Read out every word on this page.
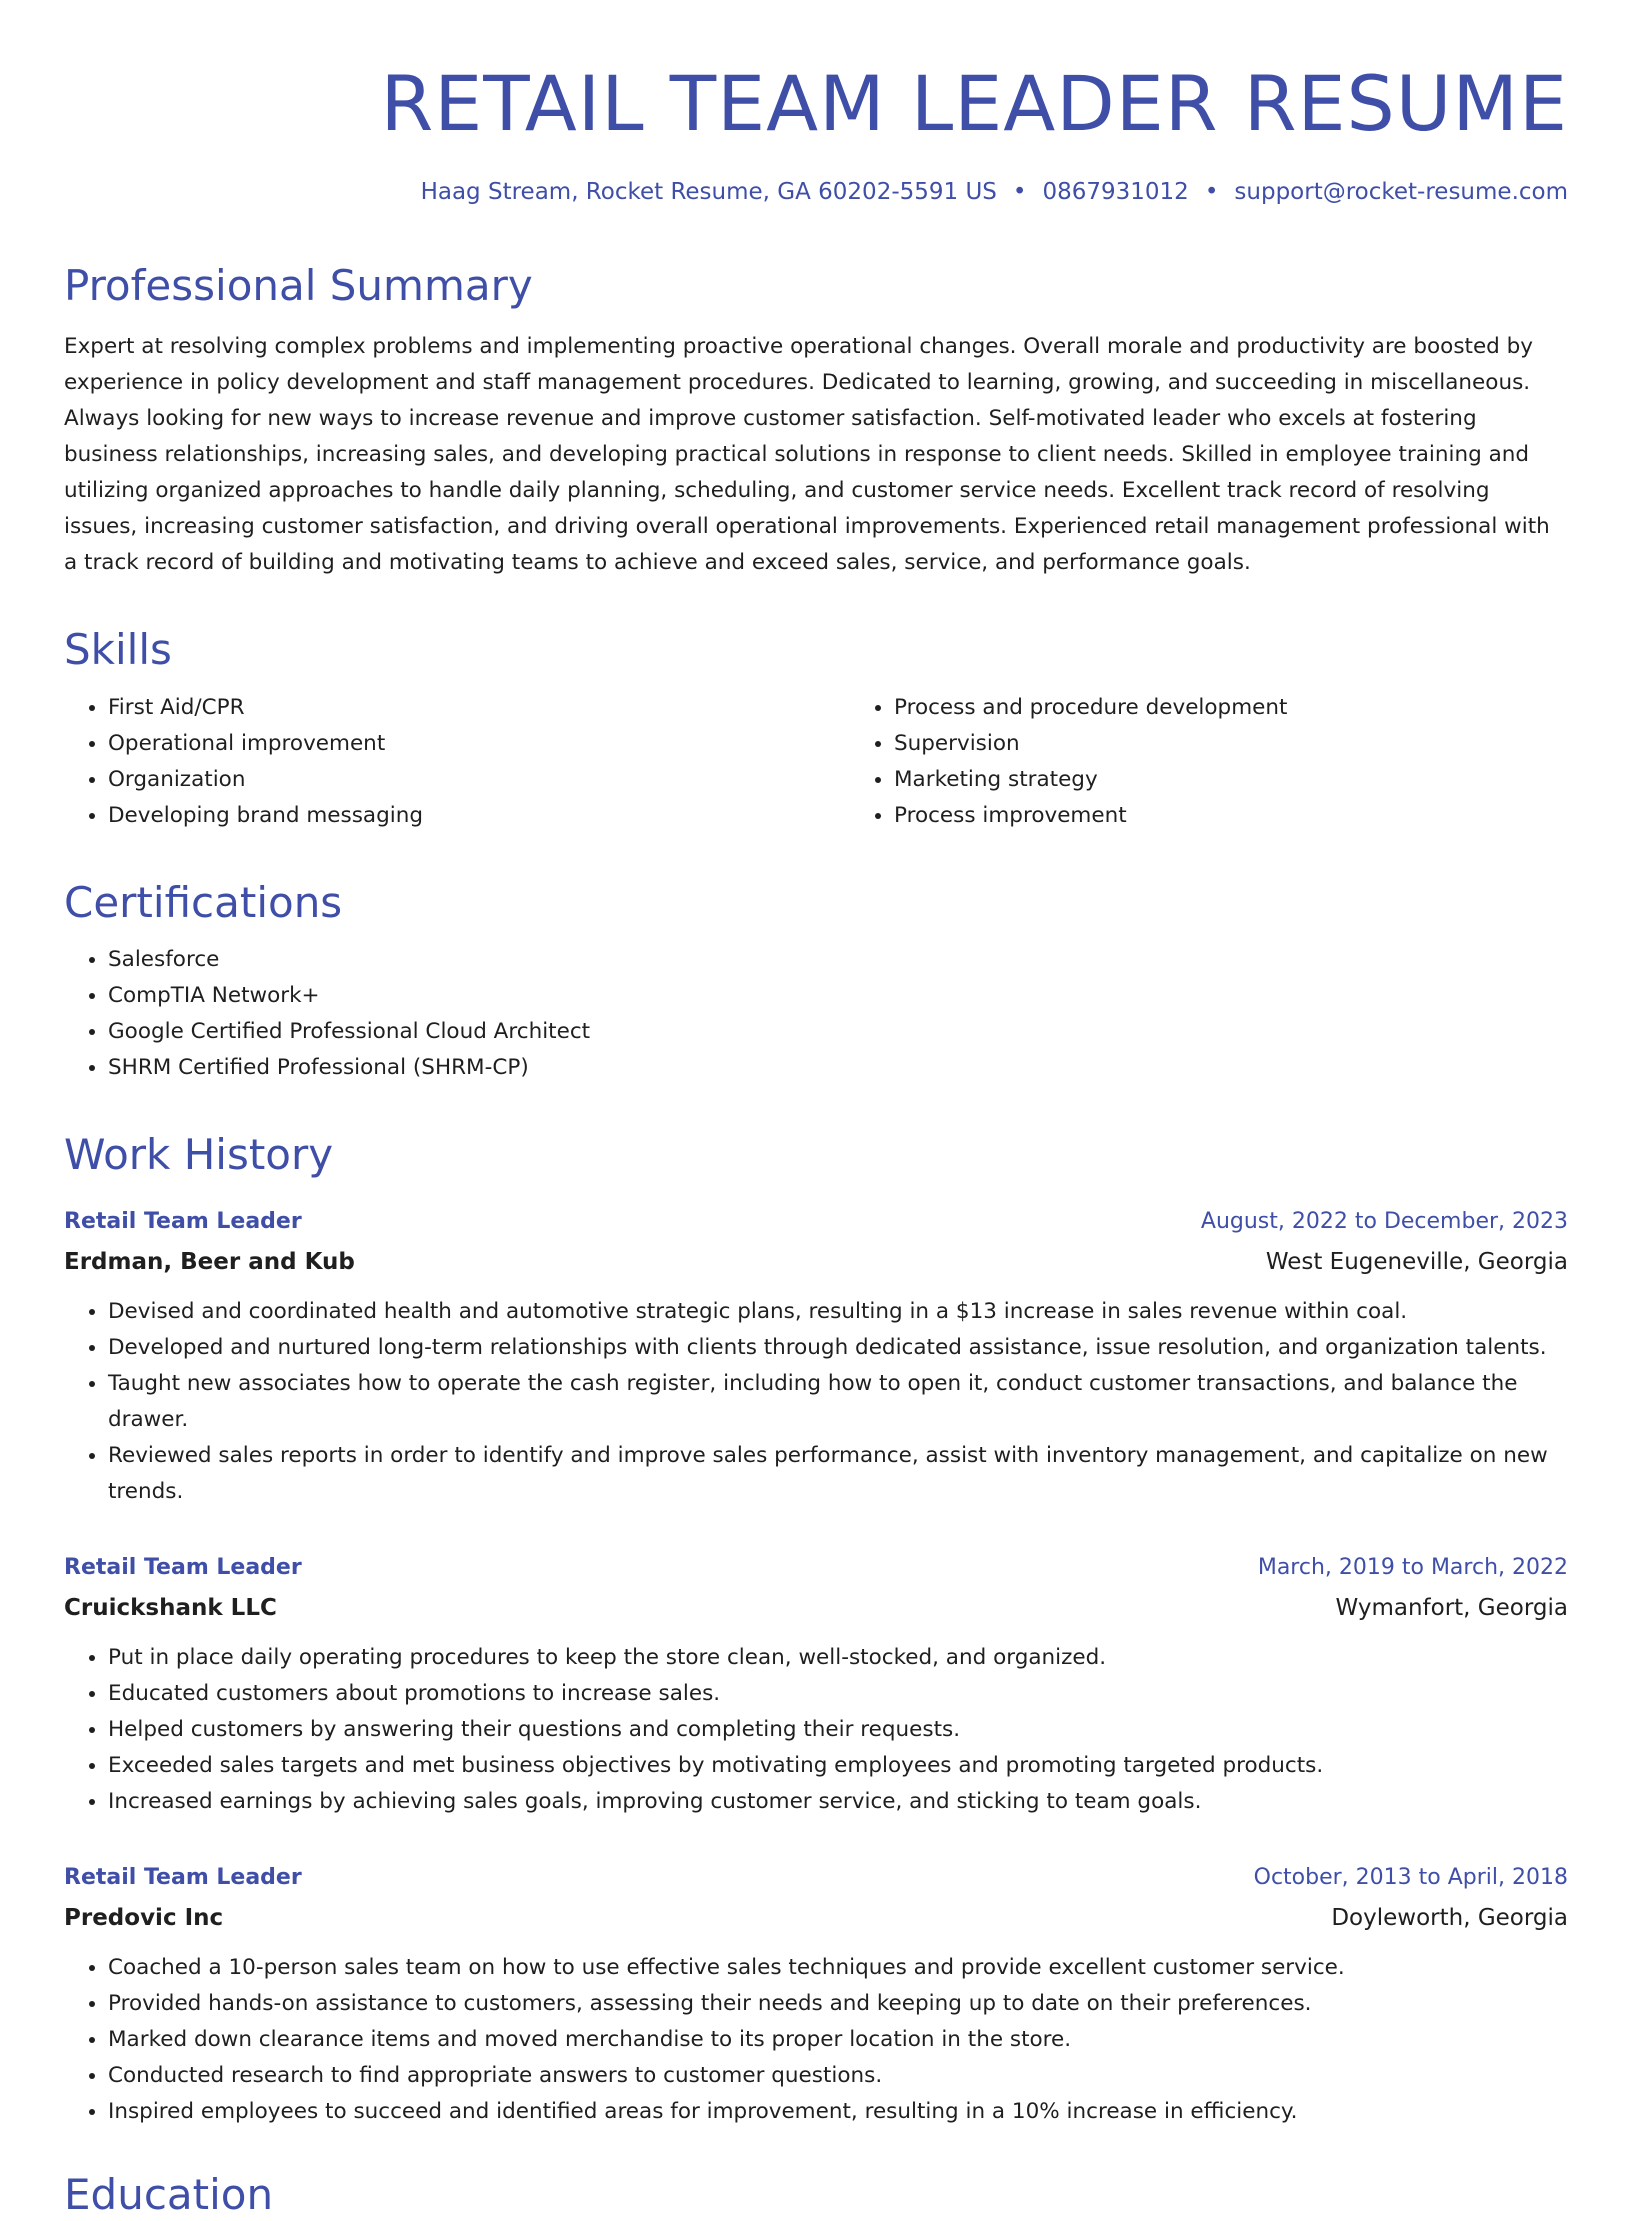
RETAIL TEAM LEADER RESUME
Haag Stream, Rocket Resume, GA 60202-5591 US • 0867931012 • support@rocket-resume.com
Professional Summary
Expert at resolving complex problems and implementing proactive operational changes. Overall morale and productivity are boosted by experience in policy development and staff management procedures. Dedicated to learning, growing, and succeeding in miscellaneous. Always looking for new ways to increase revenue and improve customer satisfaction. Self-motivated leader who excels at fostering business relationships, increasing sales, and developing practical solutions in response to client needs. Skilled in employee training and utilizing organized approaches to handle daily planning, scheduling, and customer service needs. Excellent track record of resolving issues, increasing customer satisfaction, and driving overall operational improvements. Experienced retail management professional with a track record of building and motivating teams to achieve and exceed sales, service, and performance goals.
Skills
• First Aid/CPR
• Operational improvement
• Organization
• Developing brand messaging
• Process and procedure development
• Supervision
• Marketing strategy
• Process improvement
Certifications
• Salesforce
• CompTIA Network+
• Google Certified Professional Cloud Architect
• SHRM Certified Professional (SHRM-CP)
Work History
Retail Team Leader	August, 2022 to December, 2023
Erdman, Beer and Kub	West Eugeneville, Georgia
• Devised and coordinated health and automotive strategic plans, resulting in a $13 increase in sales revenue within coal.
• Developed and nurtured long-term relationships with clients through dedicated assistance, issue resolution, and organization talents.
• Taught new associates how to operate the cash register, including how to open it, conduct customer transactions, and balance the drawer.
• Reviewed sales reports in order to identify and improve sales performance, assist with inventory management, and capitalize on new trends.
Retail Team Leader	March, 2019 to March, 2022
Cruickshank LLC	Wymanfort, Georgia
• Put in place daily operating procedures to keep the store clean, well-stocked, and organized.
• Educated customers about promotions to increase sales.
• Helped customers by answering their questions and completing their requests.
• Exceeded sales targets and met business objectives by motivating employees and promoting targeted products.
• Increased earnings by achieving sales goals, improving customer service, and sticking to team goals.
Retail Team Leader	October, 2013 to April, 2018
Predovic Inc	Doyleworth, Georgia
• Coached a 10-person sales team on how to use effective sales techniques and provide excellent customer service.
• Provided hands-on assistance to customers, assessing their needs and keeping up to date on their preferences.
• Marked down clearance items and moved merchandise to its proper location in the store.
• Conducted research to find appropriate answers to customer questions.
• Inspired employees to succeed and identified areas for improvement, resulting in a 10% increase in efficiency.
Education
